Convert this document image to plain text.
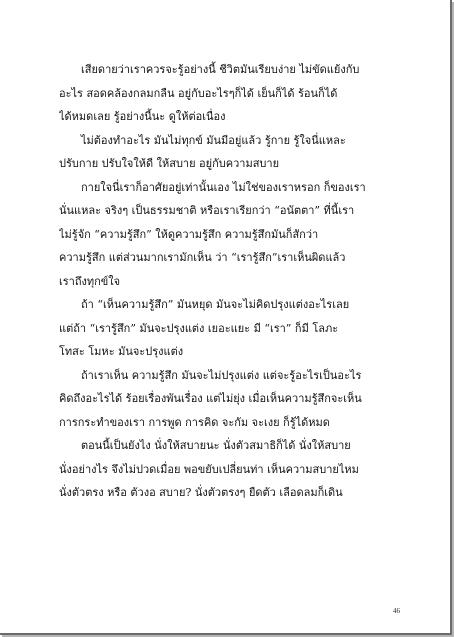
เสียดายว่าเราควรจะรู้อย่างนี้ ชีวิตมันเรียบง่าย ไม่ขัดแย้งกับ
อะไร สอดคล้องกลมกลืน อยู่กับอะไรๆก็ได้ เย็นก็ได้ ร้อนก็ได้
ได้หมดเลย รู้อย่างนี้นะ ดูให้ต่อเนื่อง
ไม่ต้องทำอะไร มันไม่ทุกข์ มันมีอยู่แล้ว รู้กาย รู้ใจนี่แหละ
ปรับกาย ปรับใจให้ดี ให้สบาย อยู่กับความสบาย
กายใจนี่เราก็อาศัยอยู่เท่านั้นเอง ไม่ใช่ของเราหรอก ก็ของเรา
นั่นแหละ จริงๆ เป็นธรรมชาติ หรือเราเรียกว่า “อนัตตา” ที่นี้เรา
ไม่รู้จัก “ความรู้สึก” ให้ดูความรู้สึก ความรู้สึกมันก็สักว่า
ความรู้สึก แต่ส่วนมากเรามักเห็น ว่า “เรารู้สึก”เราเห็นผิดแล้ว
เราถึงทุกข์ใจ
ถ้า “เห็นความรู้สึก” มันหยุด มันจะไม่คิดปรุงแต่งอะไรเลย
แต่ถ้า “เรารู้สึก” มันจะปรุงแต่ง เยอะแยะ มี “เรา” ก็มี โลภะ
โทสะ โมหะ มันจะปรุงแต่ง
ถ้าเราเห็น ความรู้สึก มันจะไม่ปรุงแต่ง แต่จะรู้อะไรเป็นอะไร
คิดถึงอะไรได้ ร้อยเรื่องพันเรื่อง แต่ไม่ยุ่ง เมื่อเห็นความรู้สึกจะเห็น
การกระทำของเรา การพูด การคิด จะกัม จะเงย ก็รู้ได้หมด
ตอนนี้เป็นยังไง นั่งให้สบายนะ นั่งตัวสมาธิก็ได้ นั่งให้สบาย
นั่งอย่างไร จึงไม่ปวดเมื่อย พอขยับเปลี่ยนท่า เห็นความสบายไหม
นั่งตัวตรง หรือ ตัวงอ สบาย? นั่งตัวตรงๆ ยืดตัว เลือดลมก็เดิน
46
